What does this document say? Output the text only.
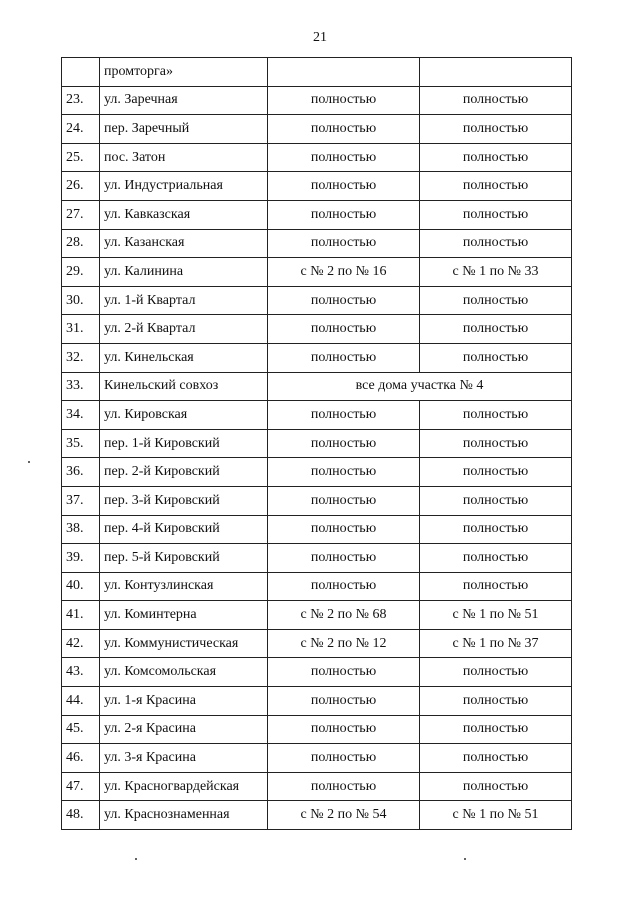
21
	промторга»		
23.	ул. Заречная	полностью	полностью
24.	пер. Заречный	полностью	полностью
25.	пос. Затон	полностью	полностью
26.	ул. Индустриальная	полностью	полностью
27.	ул. Кавказская	полностью	полностью
28.	ул. Казанская	полностью	полностью
29.	ул. Калинина	с № 2 по № 16	с № 1 по № 33
30.	ул. 1-й Квартал	полностью	полностью
31.	ул. 2-й Квартал	полностью	полностью
32.	ул. Кинельская	полностью	полностью
33.	Кинельский совхоз	все дома участка № 4	
34.	ул. Кировская	полностью	полностью
35.	пер. 1-й Кировский	полностью	полностью
36.	пер. 2-й Кировский	полностью	полностью
37.	пер. 3-й Кировский	полностью	полностью
38.	пер. 4-й Кировский	полностью	полностью
39.	пер. 5-й Кировский	полностью	полностью
40.	ул. Контузлинская	полностью	полностью
41.	ул. Коминтерна	с № 2 по № 68	с № 1 по № 51
42.	ул. Коммунистическая	с № 2 по № 12	с № 1 по № 37
43.	ул. Комсомольская	полностью	полностью
44.	ул. 1-я Красина	полностью	полностью
45.	ул. 2-я Красина	полностью	полностью
46.	ул. 3-я Красина	полностью	полностью
47.	ул. Красногвардейская	полностью	полностью
48.	ул. Краснознаменная	с № 2 по № 54	с № 1 по № 51
